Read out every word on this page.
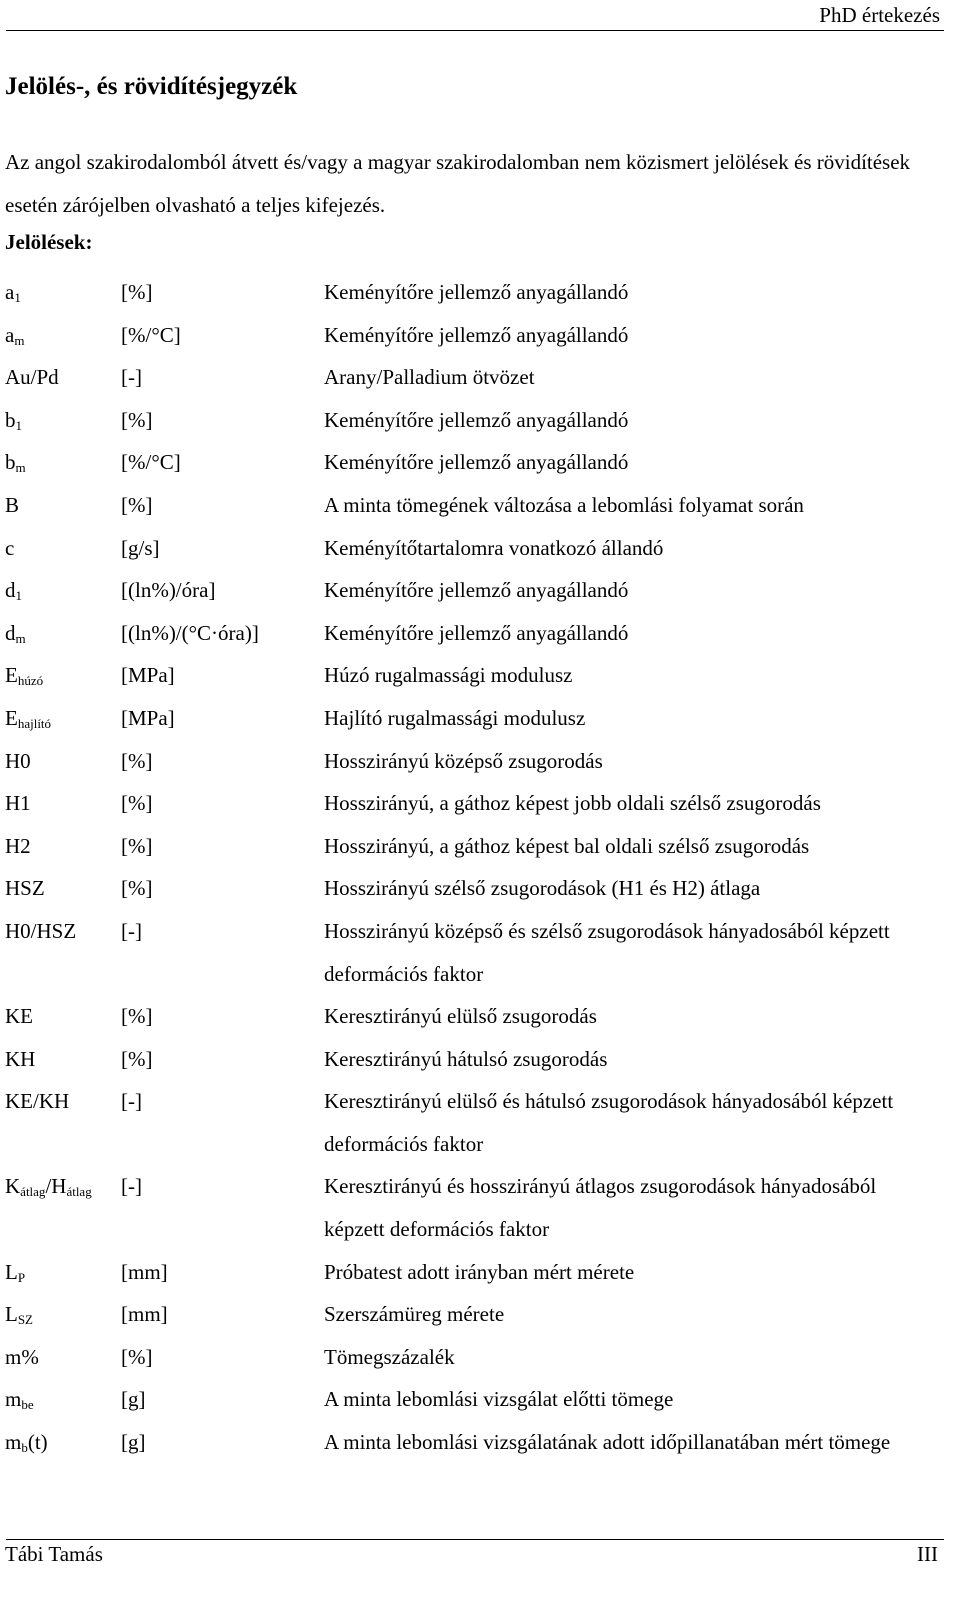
PhD értekezés
Jelölés-, és rövidítésjegyzék

Az angol szakirodalomból átvett és/vagy a magyar szakirodalomban nem közismert jelölések és rövidítések esetén zárójelben olvasható a teljes kifejezés.

Jelölések:
$a_1$	[%]	Keményítőre jellemző anyagállandó
$a_m$	[%/°C]	Keményítőre jellemző anyagállandó
Au/Pd	[-]	Arany/Palladium ötvözet
$b_1$	[%]	Keményítőre jellemző anyagállandó
$b_m$	[%/°C]	Keményítőre jellemző anyagállandó
B	[%]	A minta tömegének változása a lebomlási folyamat során
c	[g/s]	Keményítőtartalomra vonatkozó állandó
$d_1$	[(ln%)/óra]	Keményítőre jellemző anyagállandó
$d_m$	[(ln%)/(°C·óra)]	Keményítőre jellemző anyagállandó
$E_{húzó}$	[MPa]	Húzó rugalmassági modulusz
$E_{hajlító}$	[MPa]	Hajlító rugalmassági modulusz
H0	[%]	Hosszirányú középső zsugorodás
H1	[%]	Hosszirányú, a gáthoz képest jobb oldali szélső zsugorodás
H2	[%]	Hosszirányú, a gáthoz képest bal oldali szélső zsugorodás
HSZ	[%]	Hosszirányú szélső zsugorodások (H1 és H2) átlaga
H0/HSZ [-]	Hosszirányú középső és szélső zsugorodások hányadosából képzett deformációs faktor
KE	[%]	Keresztirányú elülső zsugorodás
KH	[%]	Keresztirányú hátulsó zsugorodás
KE/KH [-]	Keresztirányú elülső és hátulsó zsugorodások hányadosából képzett deformációs faktor
$K_{átlag}/H_{átlag}$ [-]	Keresztirányú és hosszirányú átlagos zsugorodások hányadosából képzett deformációs faktor
$L_P$	[mm]	Próbatest adott irányban mért mérete
$L_{SZ}$	[mm]	Szerszámüreg mérete
m%	[%]	Tömegszázalék
$m_{be}$	[g]	A minta lebomlási vizsgálat előtti tömege
$m_b(t)$	[g]	A minta lebomlási vizsgálatának adott időpillanatában mért tömege
Tábi Tamás	III
